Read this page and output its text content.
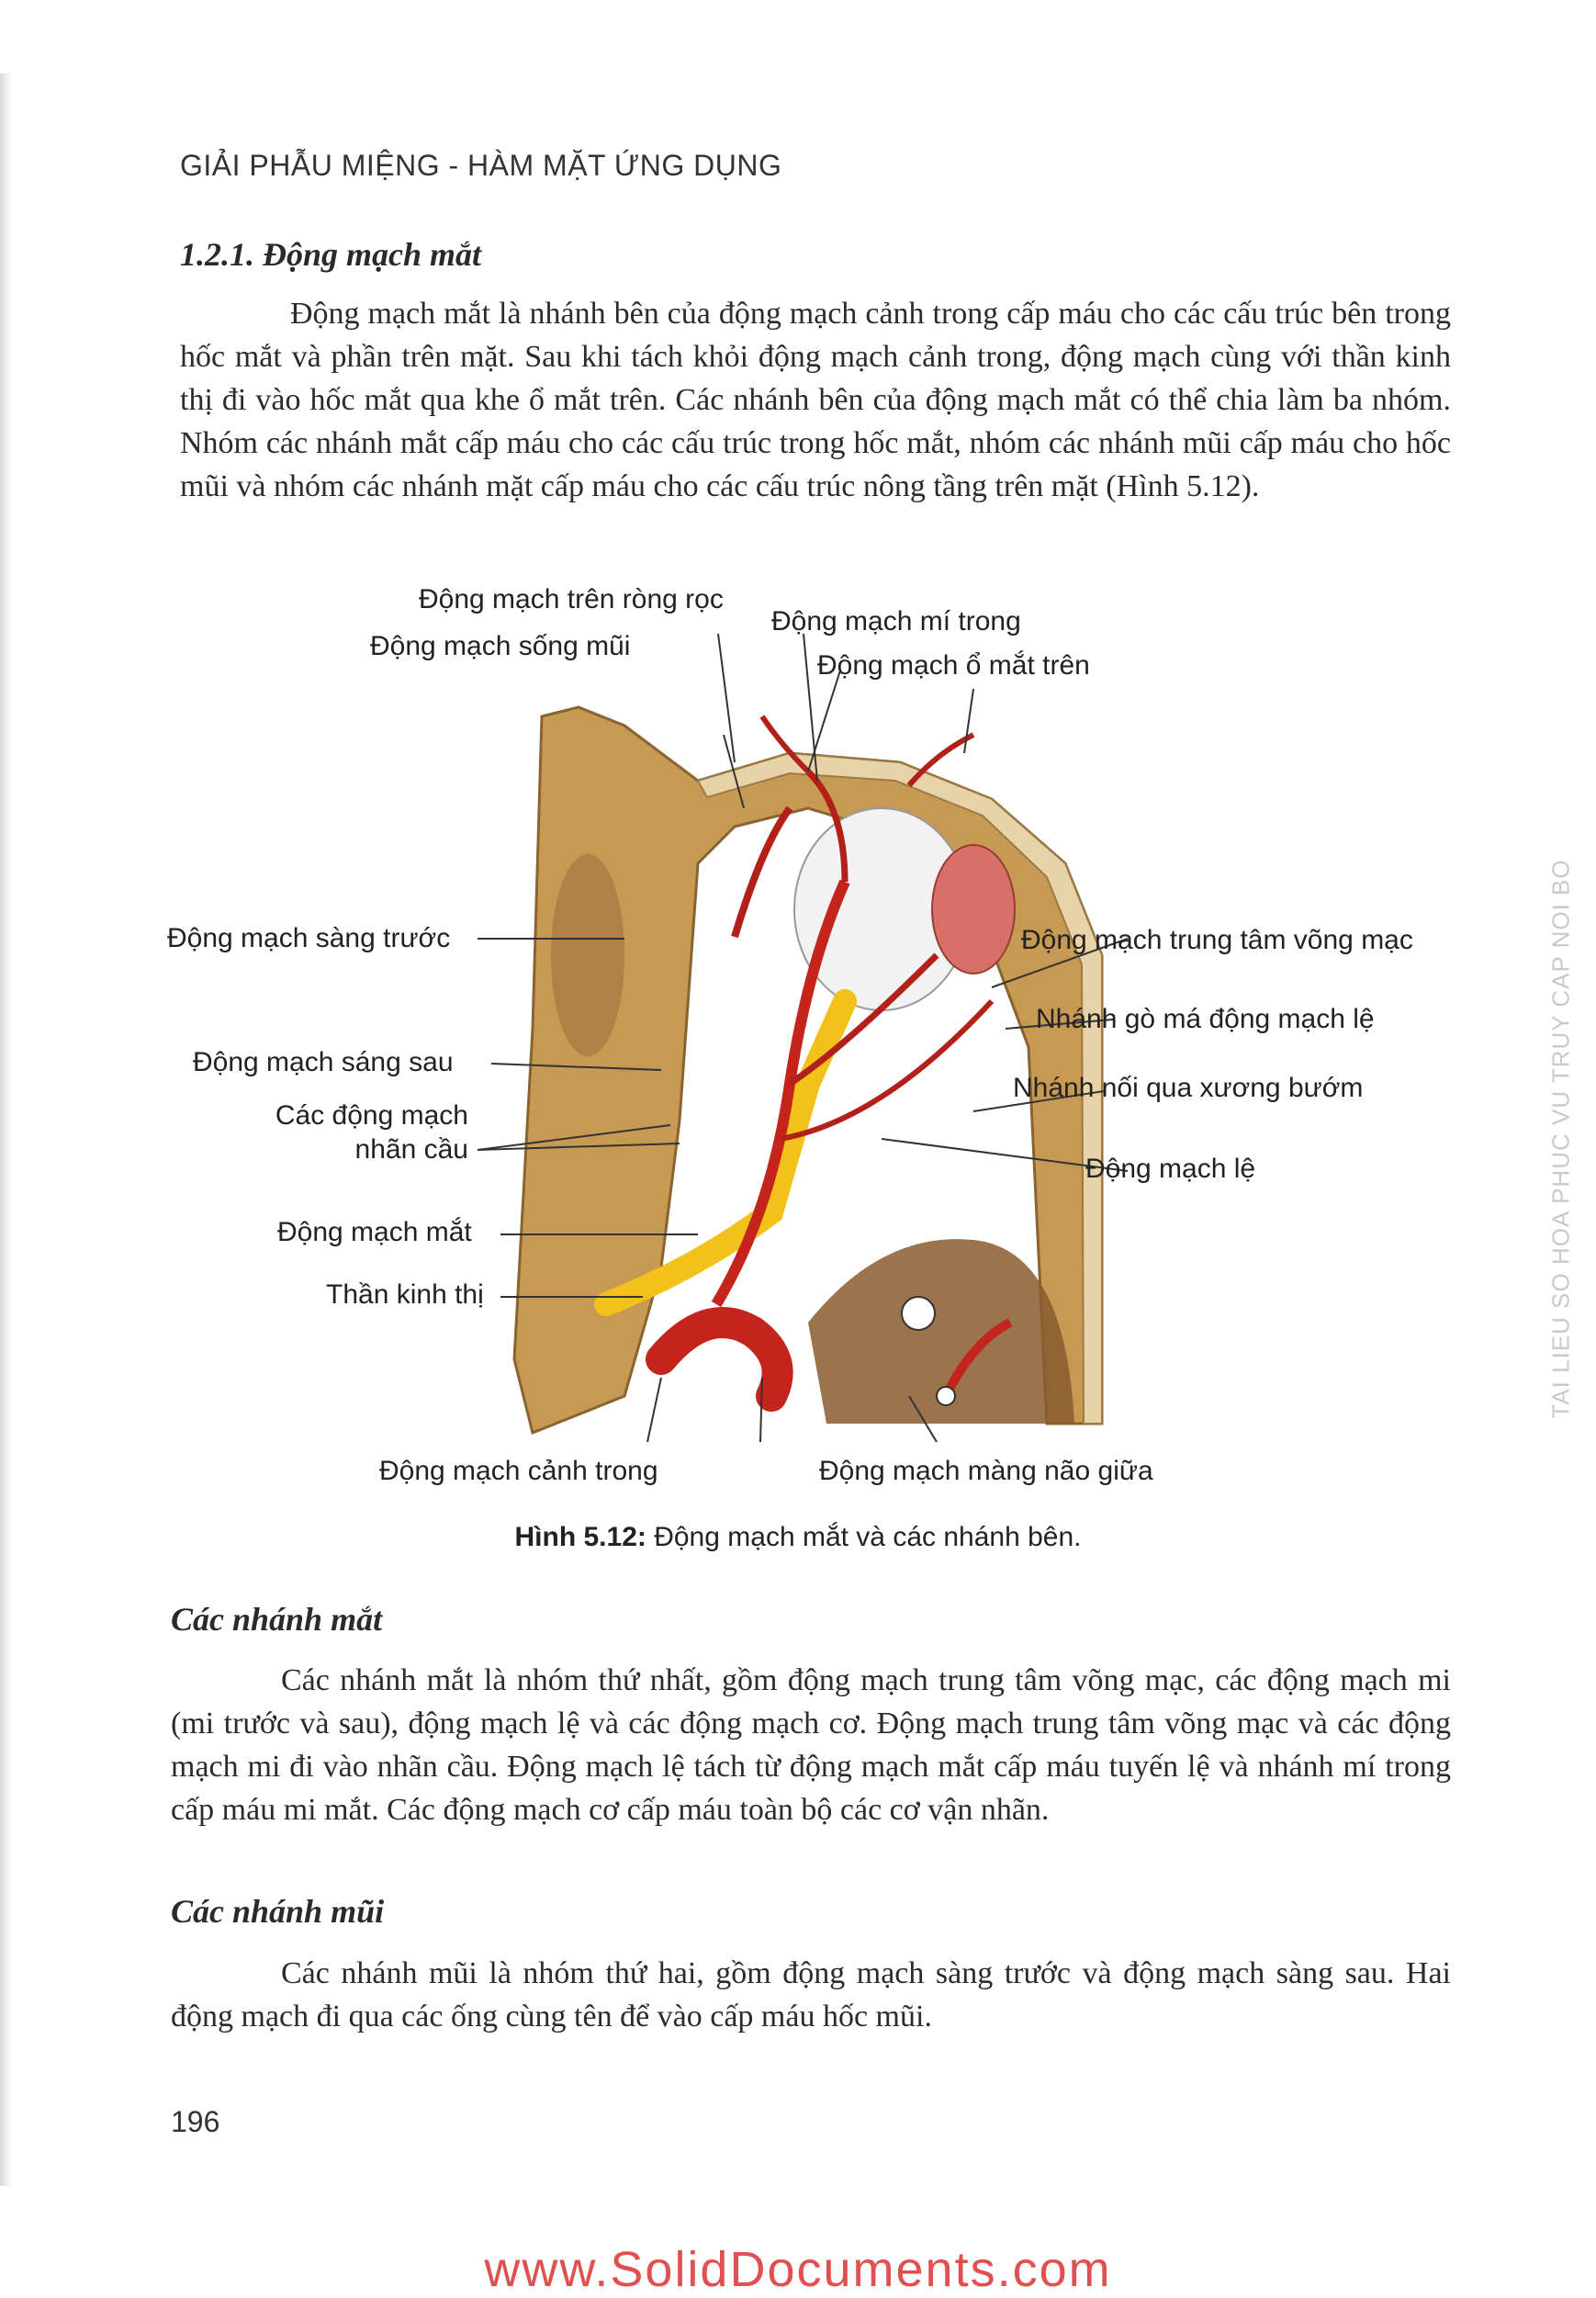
GIẢI PHẪU MIỆNG - HÀM MẶT ỨNG DỤNG
1.2.1. Động mạch mắt
Động mạch mắt là nhánh bên của động mạch cảnh trong cấp máu cho các cấu trúc bên trong hốc mắt và phần trên mặt. Sau khi tách khỏi động mạch cảnh trong, động mạch cùng với thần kinh thị đi vào hốc mắt qua khe ổ mắt trên. Các nhánh bên của động mạch mắt có thể chia làm ba nhóm. Nhóm các nhánh mắt cấp máu cho các cấu trúc trong hốc mắt, nhóm các nhánh mũi cấp máu cho hốc mũi và nhóm các nhánh mặt cấp máu cho các cấu trúc nông tầng trên mặt (Hình 5.12).
Động mạch trên ròng rọc
Động mạch sống mũi
Động mạch mí trong
Động mạch ổ mắt trên
Động mạch sàng trước
Động mạch sáng sau
Các động mạch
nhãn cầu
Động mạch mắt
Thần kinh thị
Động mạch trung tâm võng mạc
Nhánh gò má động mạch lệ
Nhánh nối qua xương bướm
Động mạch lệ
Động mạch cảnh trong	Động mạch màng não giữa
Hình 5.12: Động mạch mắt và các nhánh bên.
Các nhánh mắt
Các nhánh mắt là nhóm thứ nhất, gồm động mạch trung tâm võng mạc, các động mạch mi (mi trước và sau), động mạch lệ và các động mạch cơ. Động mạch trung tâm võng mạc và các động mạch mi đi vào nhãn cầu. Động mạch lệ tách từ động mạch mắt cấp máu tuyến lệ và nhánh mí trong cấp máu mi mắt. Các động mạch cơ cấp máu toàn bộ các cơ vận nhãn.
Các nhánh mũi
Các nhánh mũi là nhóm thứ hai, gồm động mạch sàng trước và động mạch sàng sau. Hai động mạch đi qua các ống cùng tên để vào cấp máu hốc mũi.
196
TAI LIEU SO HOA PHUC VU TRUY CAP NOI BO
www.SolidDocuments.com
